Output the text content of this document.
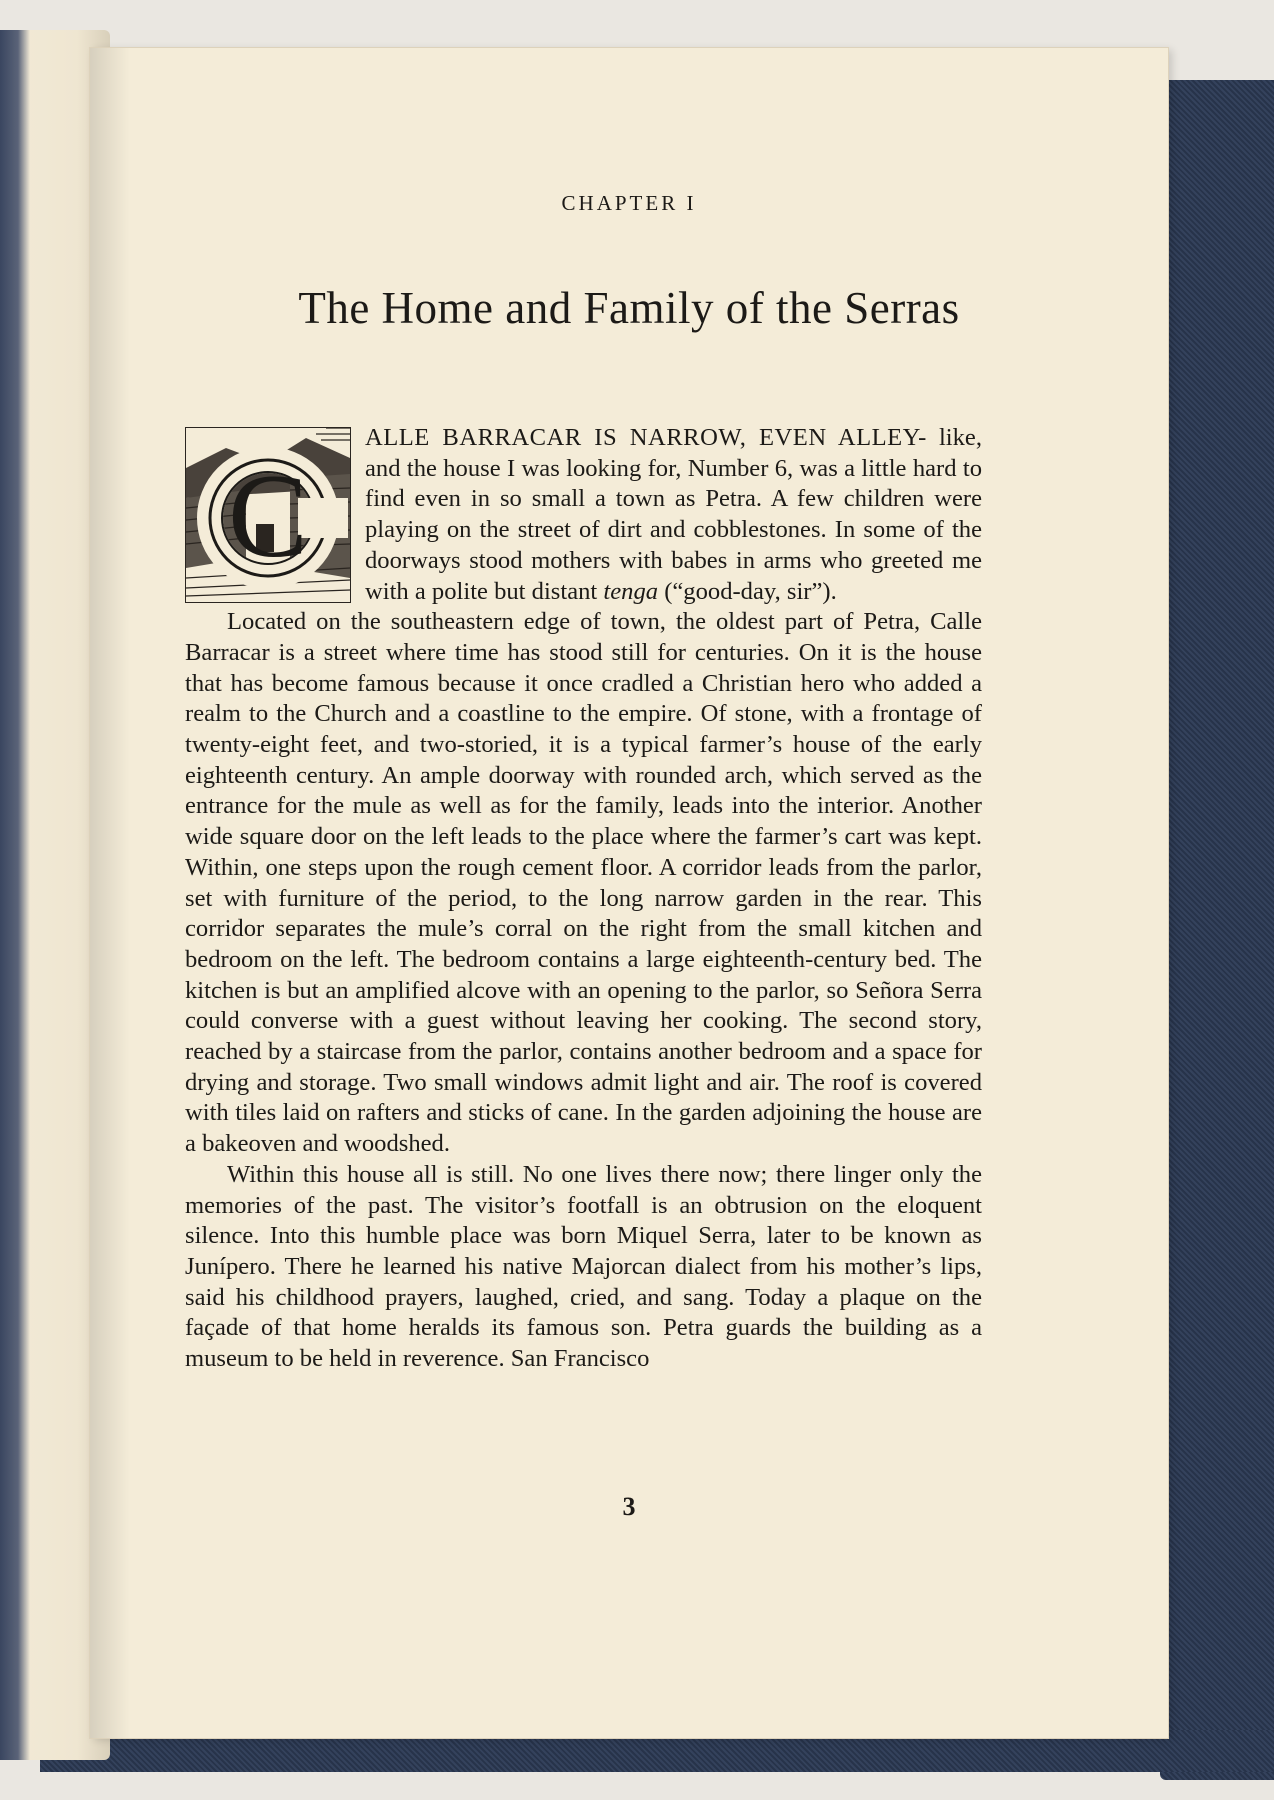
CHAPTER I
The Home and Family of the Serras

C
ALLE BARRACAR IS NARROW, EVEN ALLEY- like, and the house I was looking for, Number 6, was a little hard to find even in so small a town as Petra. A few children were playing on the street of dirt and cobblestones. In some of the doorways stood mothers with babes in arms who greeted me with a polite but distant tenga (“good-day, sir”).

Located on the southeastern edge of town, the oldest part of Petra, Calle Barracar is a street where time has stood still for centuries. On it is the house that has become famous because it once cradled a Christian hero who added a realm to the Church and a coastline to the empire. Of stone, with a frontage of twenty-eight feet, and two-storied, it is a typical farmer’s house of the early eighteenth century. An ample doorway with rounded arch, which served as the entrance for the mule as well as for the family, leads into the interior. Another wide square door on the left leads to the place where the farmer’s cart was kept. Within, one steps upon the rough cement floor. A corridor leads from the parlor, set with furniture of the period, to the long narrow garden in the rear. This corridor separates the mule’s corral on the right from the small kitchen and bedroom on the left. The bedroom contains a large eighteenth-century bed. The kitchen is but an amplified alcove with an opening to the parlor, so Señora Serra could converse with a guest without leaving her cooking. The second story, reached by a staircase from the parlor, contains another bedroom and a space for drying and storage. Two small windows admit light and air. The roof is covered with tiles laid on rafters and sticks of cane. In the garden adjoining the house are a bakeoven and woodshed.

Within this house all is still. No one lives there now; there linger only the memories of the past. The visitor’s footfall is an obtrusion on the eloquent silence. Into this humble place was born Miquel Serra, later to be known as Junípero. There he learned his native Majorcan dialect from his mother’s lips, said his childhood prayers, laughed, cried, and sang. Today a plaque on the façade of that home heralds its famous son. Petra guards the building as a museum to be held in reverence. San Francisco

3
